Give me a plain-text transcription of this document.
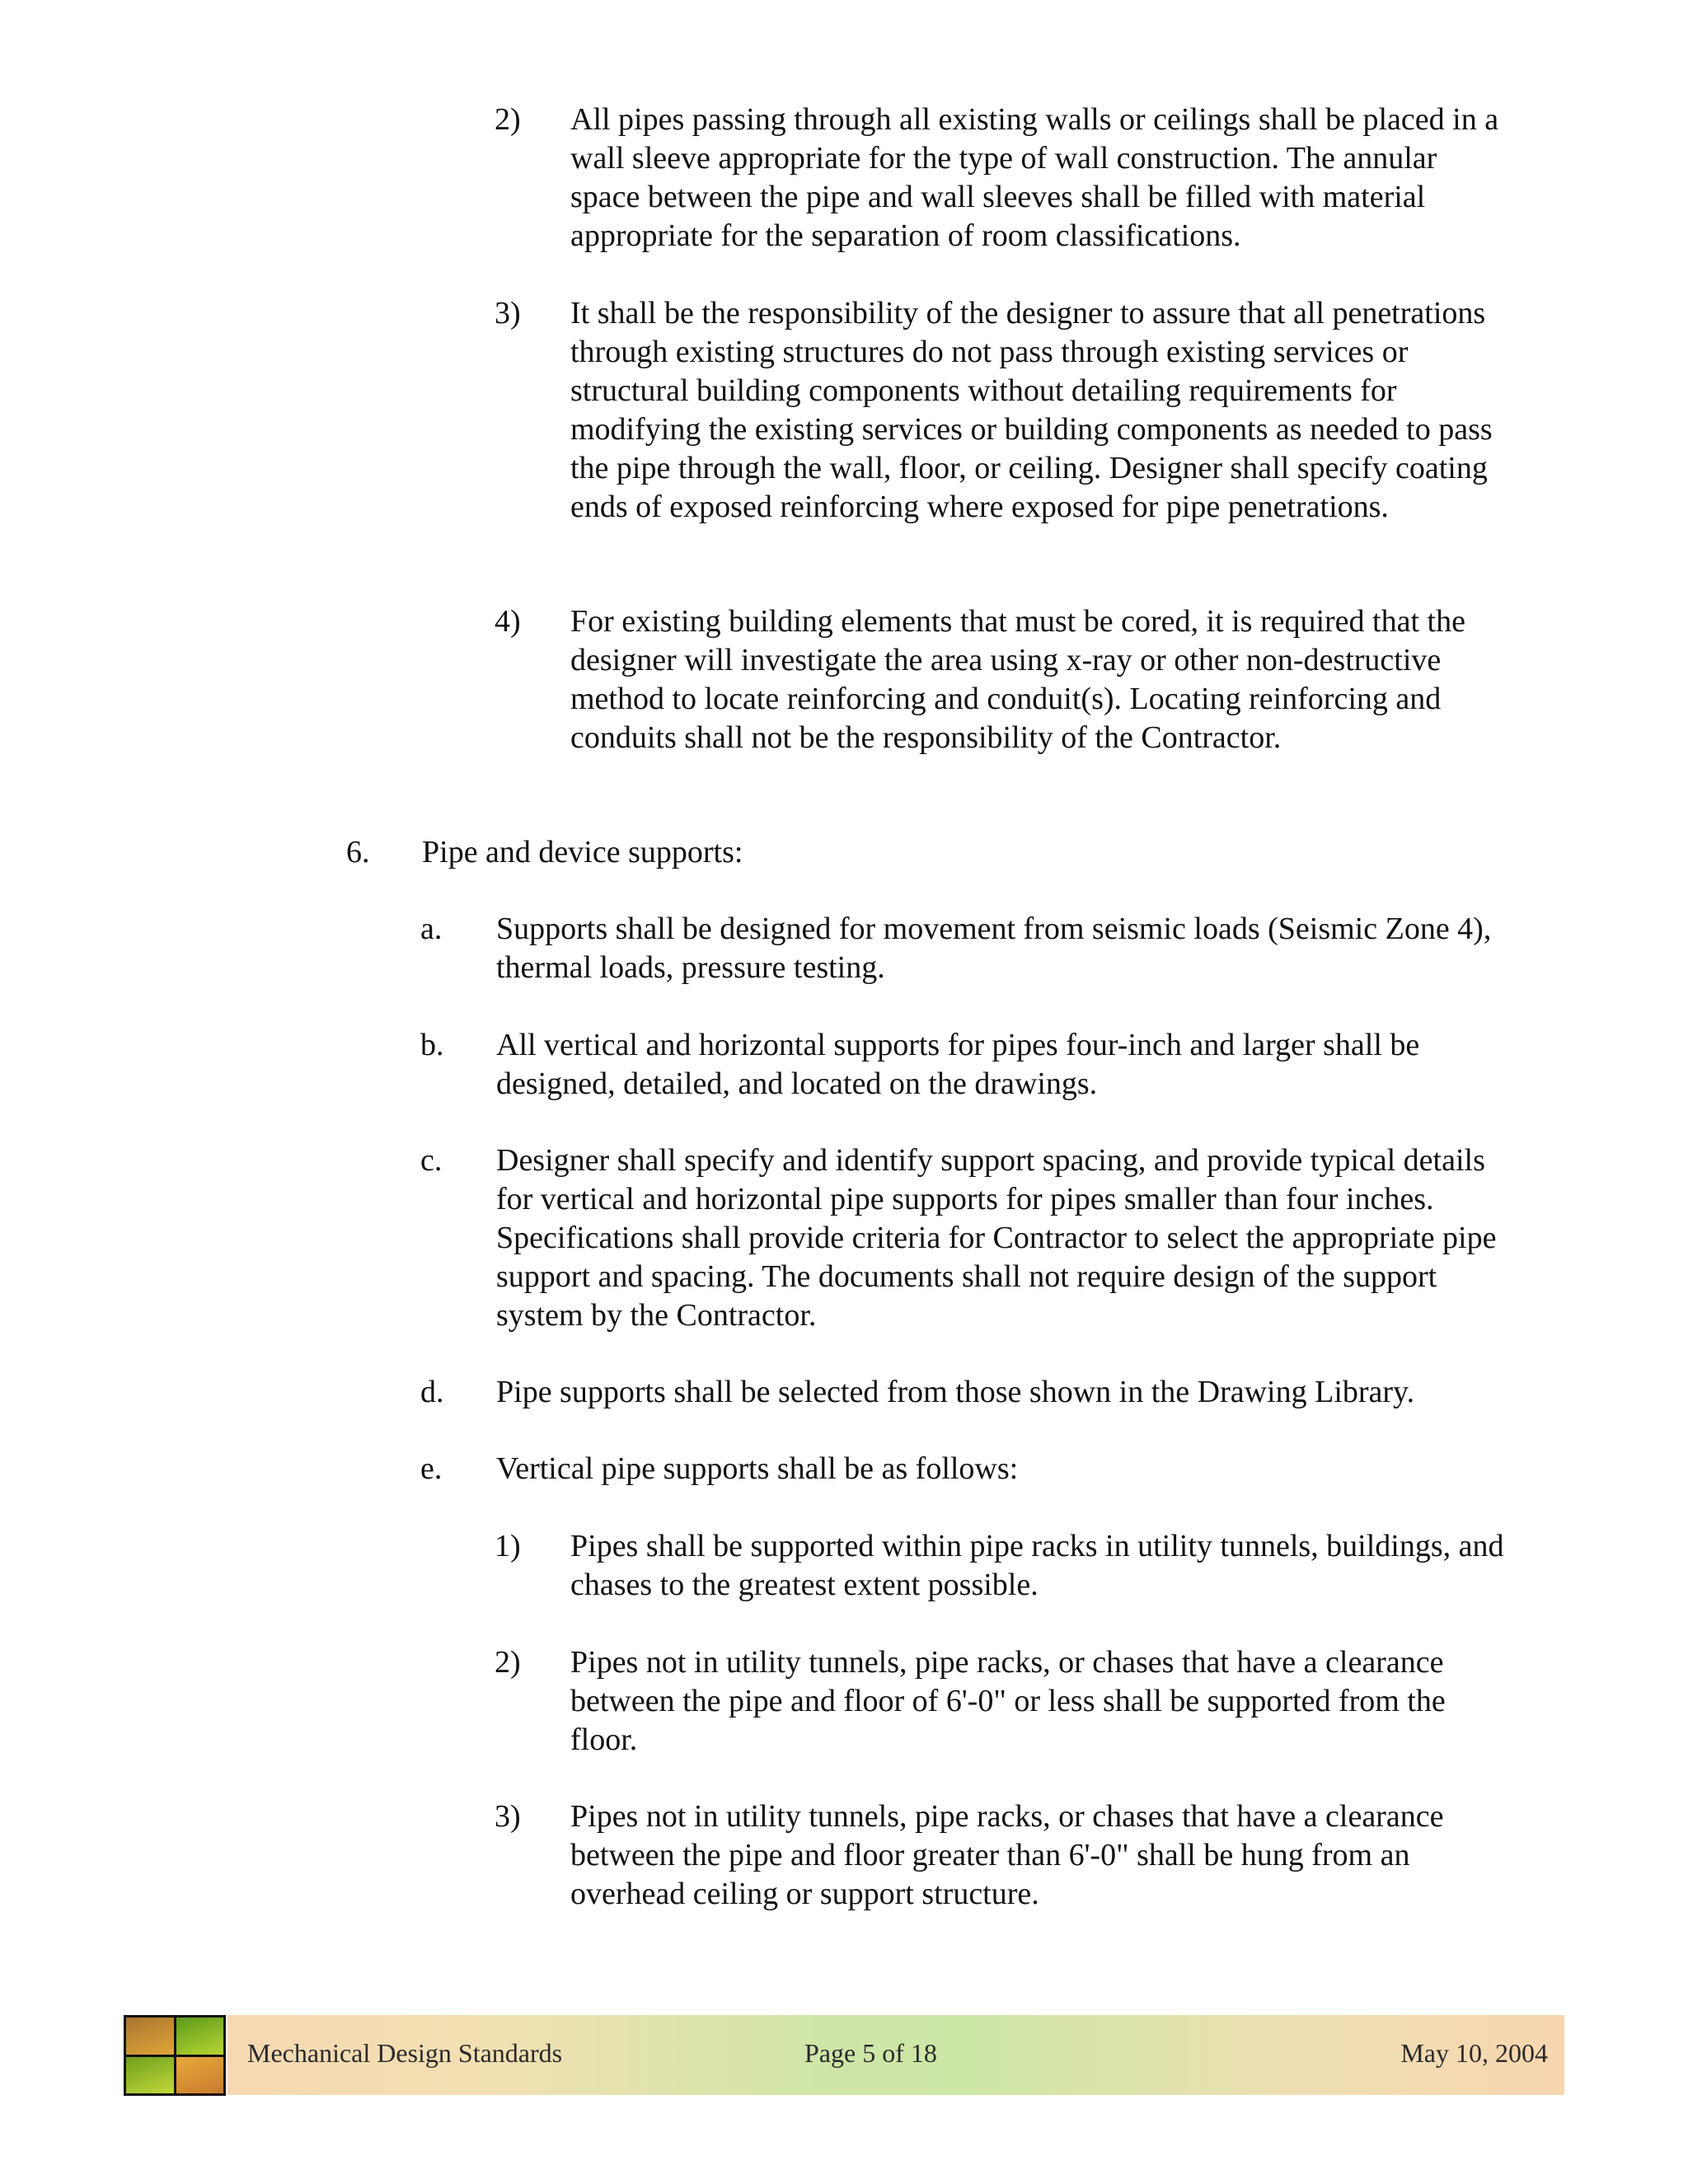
2) All pipes passing through all existing walls or ceilings shall be placed in a wall sleeve appropriate for the type of wall construction. The annular space between the pipe and wall sleeves shall be filled with material appropriate for the separation of room classifications.
3) It shall be the responsibility of the designer to assure that all penetrations through existing structures do not pass through existing services or structural building components without detailing requirements for modifying the existing services or building components as needed to pass the pipe through the wall, floor, or ceiling. Designer shall specify coating ends of exposed reinforcing where exposed for pipe penetrations.
4) For existing building elements that must be cored, it is required that the designer will investigate the area using x-ray or other non-destructive method to locate reinforcing and conduit(s). Locating reinforcing and conduits shall not be the responsibility of the Contractor.
6. Pipe and device supports:
a. Supports shall be designed for movement from seismic loads (Seismic Zone 4), thermal loads, pressure testing.
b. All vertical and horizontal supports for pipes four-inch and larger shall be designed, detailed, and located on the drawings.
c. Designer shall specify and identify support spacing, and provide typical details for vertical and horizontal pipe supports for pipes smaller than four inches. Specifications shall provide criteria for Contractor to select the appropriate pipe support and spacing. The documents shall not require design of the support system by the Contractor.
d. Pipe supports shall be selected from those shown in the Drawing Library.
e. Vertical pipe supports shall be as follows:
1) Pipes shall be supported within pipe racks in utility tunnels, buildings, and chases to the greatest extent possible.
2) Pipes not in utility tunnels, pipe racks, or chases that have a clearance between the pipe and floor of 6'-0" or less shall be supported from the floor.
3) Pipes not in utility tunnels, pipe racks, or chases that have a clearance between the pipe and floor greater than 6'-0" shall be hung from an overhead ceiling or support structure.
Mechanical Design Standards	Page 5 of 18	May 10, 2004
